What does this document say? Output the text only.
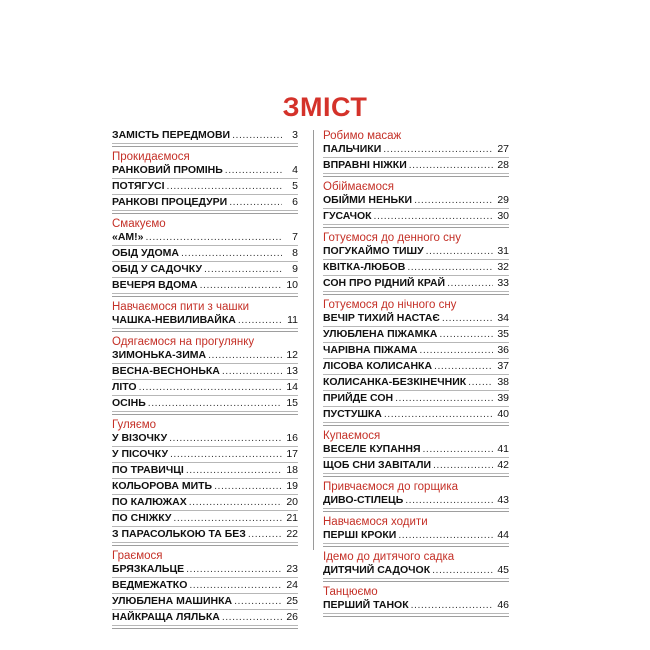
ЗМІСТ
ЗАМІСТЬ ПЕРЕДМОВИ .....	3
Прокидаємося
РАНКОВИЙ ПРОМІНЬ .....	4
ПОТЯГУСІ .....	5
РАНКОВІ ПРОЦЕДУРИ .....	6
Смакуємо
«АМ!» .....	7
ОБІД УДОМА .....	8
ОБІД У САДОЧКУ .....	9
ВЕЧЕРЯ ВДОМА .....	10
Навчаємося пити з чашки
ЧАШКА-НЕВИЛИВАЙКА .....	11
Одягаємося на прогулянку
ЗИМОНЬКА-ЗИМА .....	12
ВЕСНА-ВЕСНОНЬКА .....	13
ЛІТО .....	14
ОСІНЬ .....	15
Гуляємо
У ВІЗОЧКУ .....	16
У ПІСОЧКУ .....	17
ПО ТРАВИЧЦІ .....	18
КОЛЬОРОВА МИТЬ .....	19
ПО КАЛЮЖАХ .....	20
ПО СНІЖКУ .....	21
З ПАРАСОЛЬКОЮ ТА БЕЗ .....	22
Граємося
БРЯЗКАЛЬЦЕ .....	23
ВЕДМЕЖАТКО .....	24
УЛЮБЛЕНА МАШИНКА .....	25
НАЙКРАЩА ЛЯЛЬКА .....	26
Робимо масаж
ПАЛЬЧИКИ .....	27
ВПРАВНІ НІЖКИ .....	28
Обіймаємося
ОБІЙМИ НЕНЬКИ .....	29
ГУСАЧОК .....	30
Готуємося до денного сну
ПОГУКАЙМО ТИШУ .....	31
КВІТКА-ЛЮБОВ .....	32
СОН ПРО РІДНИЙ КРАЙ .....	33
Готуємося до нічного сну
ВЕЧІР ТИХИЙ НАСТАЄ .....	34
УЛЮБЛЕНА ПІЖАМКА .....	35
ЧАРІВНА ПІЖАМА .....	36
ЛІСОВА КОЛИСАНКА .....	37
КОЛИСАНКА-БЕЗКІНЕЧНИК .....	38
ПРИЙДЕ СОН .....	39
ПУСТУШКА .....	40
Купаємося
ВЕСЕЛЕ КУПАННЯ .....	41
ЩОБ СНИ ЗАВІТАЛИ .....	42
Привчаємося до горщика
ДИВО-СТІЛЕЦЬ .....	43
Навчаємося ходити
ПЕРШІ КРОКИ .....	44
Ідемо до дитячого садка
ДИТЯЧИЙ САДОЧОК .....	45
Танцюємо
ПЕРШИЙ ТАНОК .....	46
